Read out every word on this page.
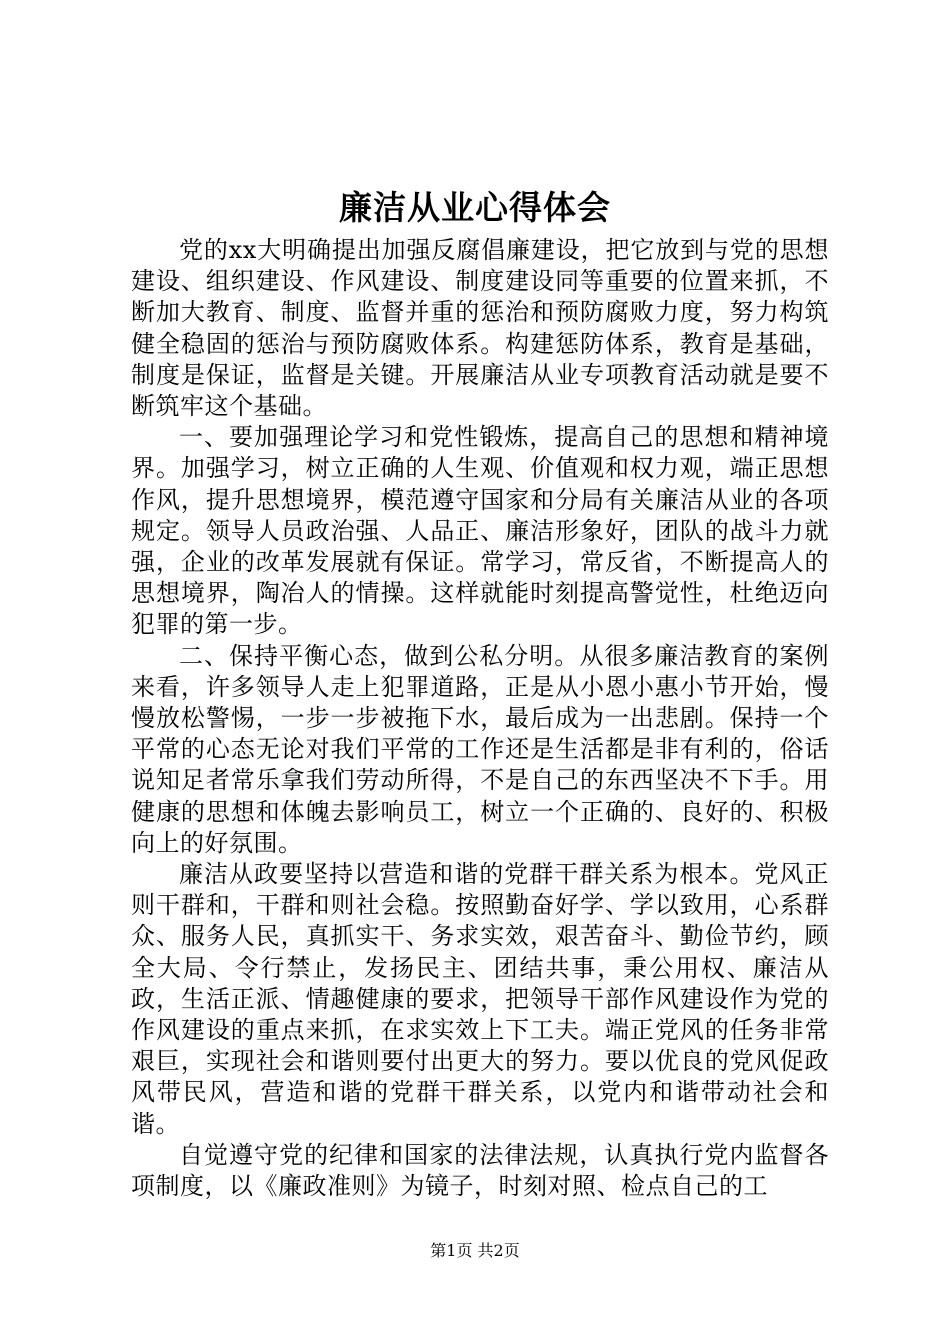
廉洁从业心得体会

党的xx大明确提出加强反腐倡廉建设，把它放到与党的思想建设、组织建设、作风建设、制度建设同等重要的位置来抓，不断加大教育、制度、监督并重的惩治和预防腐败力度，努力构筑健全稳固的惩治与预防腐败体系。构建惩防体系，教育是基础，制度是保证，监督是关键。开展廉洁从业专项教育活动就是要不断筑牢这个基础。

一、要加强理论学习和党性锻炼，提高自己的思想和精神境界。加强学习，树立正确的人生观、价值观和权力观，端正思想作风，提升思想境界，模范遵守国家和分局有关廉洁从业的各项规定。领导人员政治强、人品正、廉洁形象好，团队的战斗力就强，企业的改革发展就有保证。常学习，常反省，不断提高人的思想境界，陶冶人的情操。这样就能时刻提高警觉性，杜绝迈向犯罪的第一步。

二、保持平衡心态，做到公私分明。从很多廉洁教育的案例来看，许多领导人走上犯罪道路，正是从小恩小惠小节开始，慢慢放松警惕，一步一步被拖下水，最后成为一出悲剧。保持一个平常的心态无论对我们平常的工作还是生活都是非有利的，俗话说知足者常乐拿我们劳动所得，不是自己的东西坚决不下手。用健康的思想和体魄去影响员工，树立一个正确的、良好的、积极向上的好氛围。

廉洁从政要坚持以营造和谐的党群干群关系为根本。党风正则干群和，干群和则社会稳。按照勤奋好学、学以致用，心系群众、服务人民，真抓实干、务求实效，艰苦奋斗、勤俭节约，顾全大局、令行禁止，发扬民主、团结共事，秉公用权、廉洁从政，生活正派、情趣健康的要求，把领导干部作风建设作为党的作风建设的重点来抓，在求实效上下工夫。端正党风的任务非常艰巨，实现社会和谐则要付出更大的努力。要以优良的党风促政风带民风，营造和谐的党群干群关系，以党内和谐带动社会和谐。

自觉遵守党的纪律和国家的法律法规，认真执行党内监督各项制度，以《廉政准则》为镜子，时刻对照、检点自己的工

第1页 共2页
